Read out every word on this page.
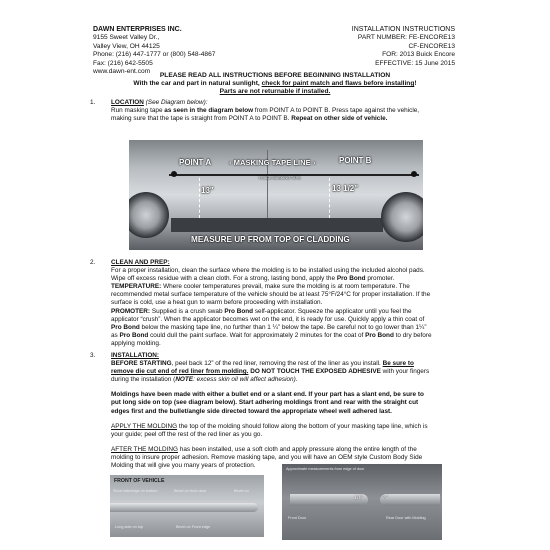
DAWN ENTERPRISES INC.
9155 Sweet Valley Dr.,
Valley View, OH 44125
Phone: (216) 447-1777 or (800) 548-4867
Fax: (216) 642-5505
www.dawn-ent.com
INSTALLATION INSTRUCTIONS
PART NUMBER: FE-ENCORE13
CF-ENCORE13
FOR: 2013 Buick Encore
EFFECTIVE: 15 June 2015
PLEASE READ ALL INSTRUCTIONS BEFORE BEGINNING INSTALLATION
With the car and part in natural sunlight, check for paint match and flaws before installing!
Parts are not returnable if installed.
1. LOCATION (See Diagram below):

Run masking tape as seen in the diagram below from POINT A to POINT B. Press tape against the vehicle,

making sure that the tape is straight from POINT A to POINT B. Repeat on other side of vehicle.

POINT A ‹ MASKING TAPE LINE ›	POINT B
PLACE MASKING TAPE
13"	13 1/2"
MEASURE UP FROM TOP OF CLADDING
2. CLEAN AND PREP:

For a proper installation, clean the surface where the molding is to be installed using the included alcohol pads.

Wipe off excess residue with a clean cloth. For a strong, lasting bond, apply the Pro Bond promoter.

TEMPERATURE: Where cooler temperatures prevail, make sure the molding is at room temperature. The

recommended metal surface temperature of the vehicle should be at least 75°F/24°C for proper installation. If the

surface is cold, use a heat gun to warm before proceeding with installation.

PROMOTER: Supplied is a crush swab Pro Bond self-applicator. Squeeze the applicator until you feel the

applicator “crush”. When the applicator becomes wet on the end, it is ready for use. Quickly apply a thin coat of

Pro Bond below the masking tape line, no further than 1 ¼” below the tape. Be careful not to go lower than 1¼”

as Pro Bond could dull the paint surface. Wait for approximately 2 minutes for the coat of Pro Bond to dry before

applying molding.

3. INSTALLATION:

BEFORE STARTING, peel back 12” of the red liner, removing the rest of the liner as you install. Be sure to

remove die cut end of red liner from molding. DO NOT TOUCH THE EXPOSED ADHESIVE with your fingers

during the installation (NOTE: excess skin oil will affect adhesion).

Moldings have been made with either a bullet end or a slant end. If your part has a slant end, be sure to

put long side on top (see diagram below). Start adhering moldings front and rear with the straight cut

edges first and the bullet/angle side directed toward the appropriate wheel well adhered last.

APPLY THE MOLDING the top of the molding should follow along the bottom of your masking tape line, which is

your guide; peel off the rest of the red liner as you go.

AFTER THE MOLDING has been installed, use a soft cloth and apply pressure along the entire length of the

molding to insure proper adhesion. Remove masking tape, and you will have an OEM style Custom Body Side

Molding that will give you many years of protection.

FRONT OF VEHICLE
Short side/edge on bottom	Bevel on front door	Bevel on
Long side on top	Bevel on Front edge
Approximate measurements from edge of door
1/8"	¼"
Front Door	Rear Door with Molding
